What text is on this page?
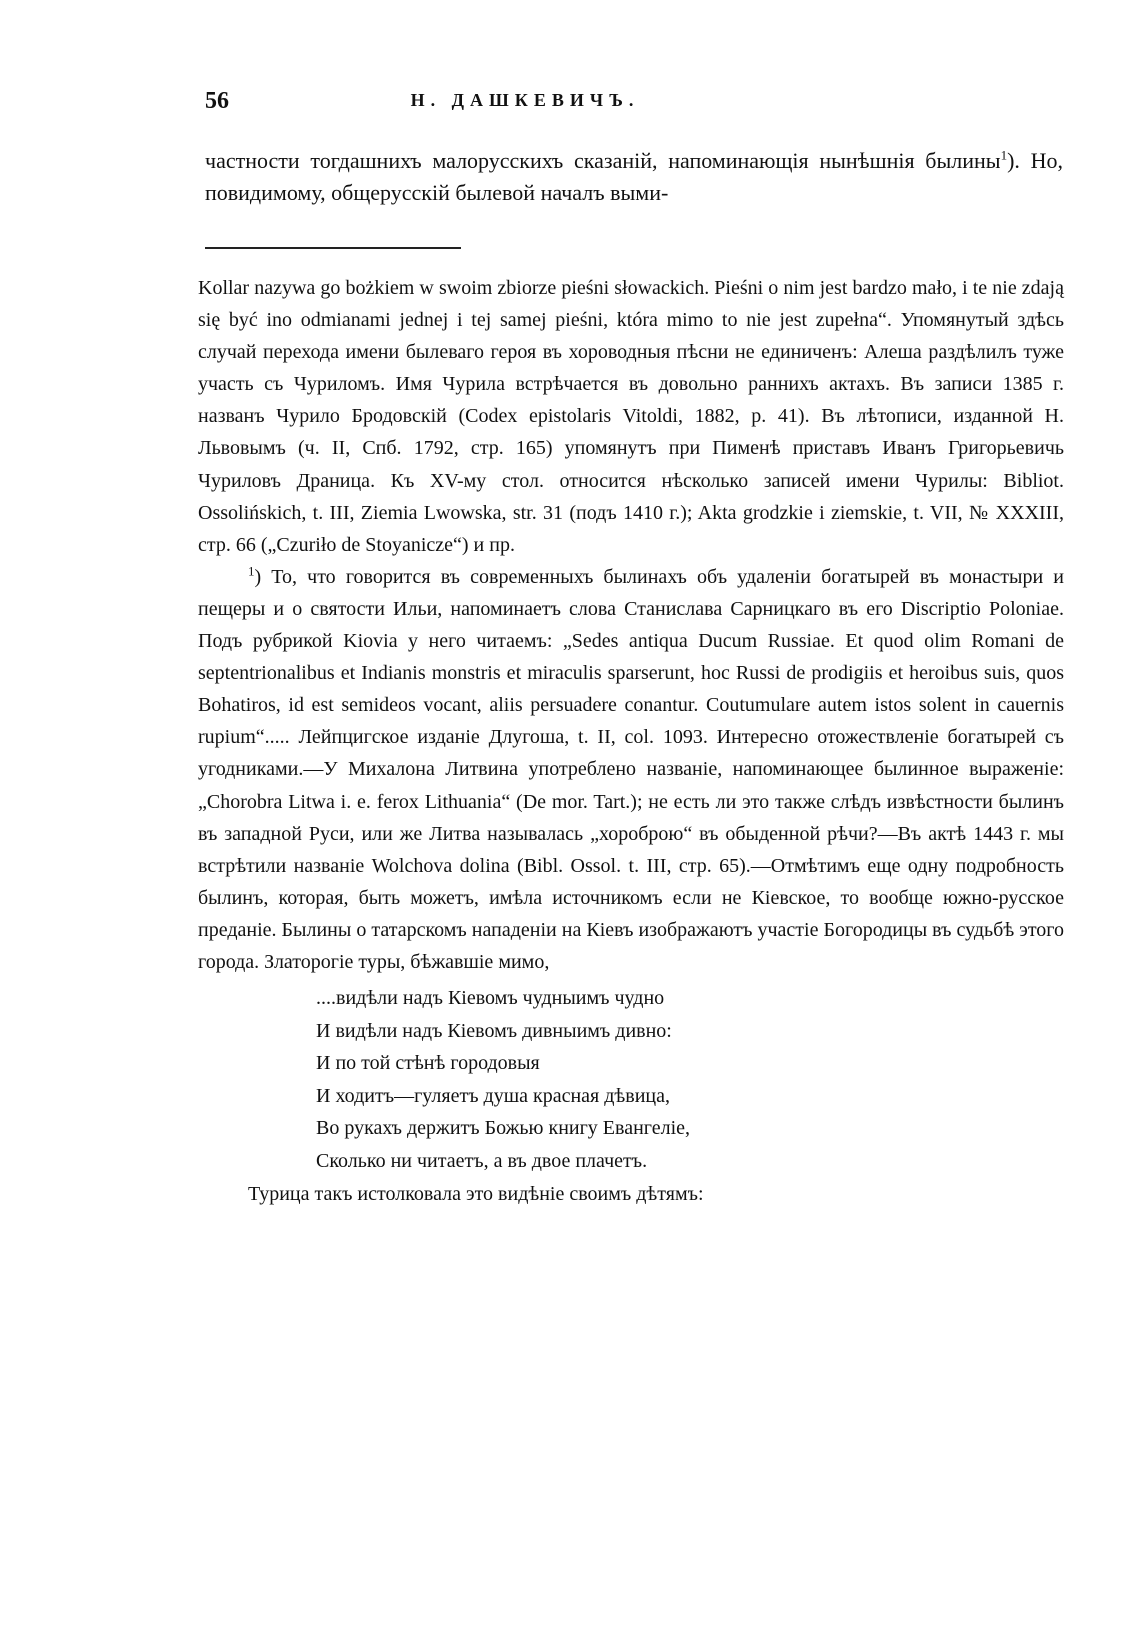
56	Н. ДАШКЕВИЧЪ.

частности тогдашнихъ малорусскихъ сказаній, напоминающія нынѣшнія былины$^1$). Но, повидимому, общерусскій былевой началъ выми-

Kollar nazywa go bożkiem w swoim zbiorze pieśni słowackich. Pieśni o nim jest bardzo mało, i te nie zdają się być ino odmianami jednej i tej samej pieśni, która mimo to nie jest zupełna“. Упомянутый здѣсь случай перехода имени былеваго героя въ хороводныя пѣсни не единиченъ: Алеша раздѣлилъ туже участь съ Чуриломъ. Имя Чурила встрѣчается въ довольно раннихъ актахъ. Въ записи 1385 г. названъ Чурило Бродовскій (Codex epistolaris Vitoldi, 1882, p. 41). Въ лѣтописи, изданной Н. Львовымъ (ч. II, Спб. 1792, стр. 165) упомянутъ при Пименѣ приставъ Иванъ Григорьевичь Чуриловъ Драница. Къ XV-му стол. относится нѣсколько записей имени Чурилы: Bibliot. Ossolińskich, t. III, Ziemia Lwowska, str. 31 (подъ 1410 г.); Akta grodzkie i ziemskie, t. VII, № XXXIII, стр. 66 („Czuriło de Stoyanicze“) и пр.

$^1$) То, что говорится въ современныхъ былинахъ объ удаленіи богатырей въ монастыри и пещеры и о святости Ильи, напоминаетъ слова Станислава Сарницкаго въ его Discriptio Poloniae. Подъ рубрикой Kiovia у него читаемъ: „Sedes antiqua Ducum Russiae. Et quod olim Romani de septentrionalibus et Indianis monstris et miraculis sparserunt, hoc Russi de prodigiis et heroibus suis, quos Bohatiros, id est semideos vocant, aliis persuadere conantur. Coutumulare autem istos solent in cauernis rupium“..... Лейпцигское изданіе Длугоша, t. II, col. 1093. Интересно отожествленіе богатырей съ угодниками.—У Михалона Литвина употреблено названіе, напоминающее былинное выраженіе: „Chorobra Litwa i. e. ferox Lithuania“ (De mor. Tart.); не есть ли это также слѣдъ извѣстности былинъ въ западной Руси, или же Литва называлась „хороброю“ въ обыденной рѣчи?—Въ актѣ 1443 г. мы встрѣтили названіе Wolchova dolina (Bibl. Ossol. t. III, стр. 65).—Отмѣтимъ еще одну подробность былинъ, которая, быть можетъ, имѣла источникомъ если не Кіевское, то вообще южно-русское преданіе. Былины о татарскомъ нападеніи на Кіевъ изображаютъ участіе Богородицы въ судьбѣ этого города. Златорогіе туры, бѣжавшіе мимо,

....видѣли надъ Кіевомъ чудныимъ чудно

И видѣли надъ Кіевомъ дивныимъ дивно:

И по той стѣнѣ городовыя

И ходитъ—гуляетъ душа красная дѣвица,

Во рукахъ держитъ Божью книгу Евангеліе,

Сколько ни читаетъ, а въ двое плачетъ.

Турица такъ истолковала это видѣніе своимъ дѣтямъ:
